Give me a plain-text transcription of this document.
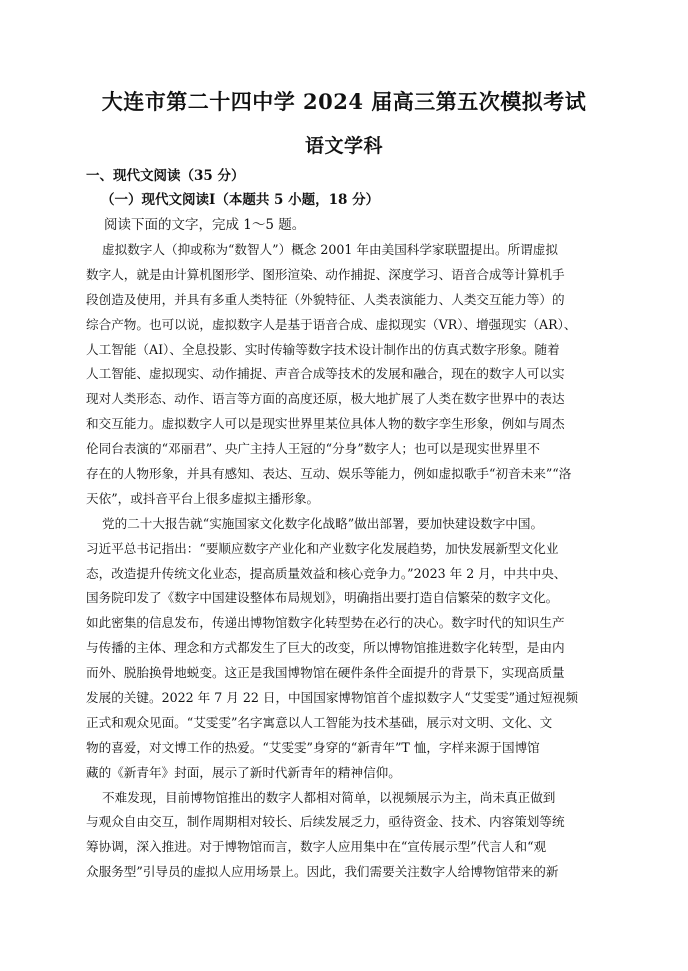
大连市第二十四中学 2024 届高三第五次模拟考试
语文学科
一、现代文阅读（35 分）
（一）现代文阅读Ⅰ（本题共 5 小题，18 分）
阅读下面的文字，完成 1～5 题。
虚拟数字人（抑或称为“数智人”）概念 2001 年由美国科学家联盟提出。所谓虚拟
数字人，就是由计算机图形学、图形渲染、动作捕捉、深度学习、语音合成等计算机手
段创造及使用，并具有多重人类特征（外貌特征、人类表演能力、人类交互能力等）的
综合产物。也可以说，虚拟数字人是基于语音合成、虚拟现实（VR）、增强现实（AR）、
人工智能（AI）、全息投影、实时传输等数字技术设计制作出的仿真式数字形象。随着
人工智能、虚拟现实、动作捕捉、声音合成等技术的发展和融合，现在的数字人可以实
现对人类形态、动作、语言等方面的高度还原，极大地扩展了人类在数字世界中的表达
和交互能力。虚拟数字人可以是现实世界里某位具体人物的数字孪生形象，例如与周杰
伦同台表演的“邓丽君”、央广主持人王冠的“分身”数字人；也可以是现实世界里不
存在的人物形象，并具有感知、表达、互动、娱乐等能力，例如虚拟歌手“初音未来”“洛
天依”，或抖音平台上很多虚拟主播形象。
党的二十大报告就“实施国家文化数字化战略”做出部署，要加快建设数字中国。
习近平总书记指出：“要顺应数字产业化和产业数字化发展趋势，加快发展新型文化业
态，改造提升传统文化业态，提高质量效益和核心竞争力。”2023 年 2 月，中共中央、
国务院印发了《数字中国建设整体布局规划》，明确指出要打造自信繁荣的数字文化。
如此密集的信息发布，传递出博物馆数字化转型势在必行的决心。数字时代的知识生产
与传播的主体、理念和方式都发生了巨大的改变，所以博物馆推进数字化转型，是由内
而外、脱胎换骨地蜕变。这正是我国博物馆在硬件条件全面提升的背景下，实现高质量
发展的关键。2022 年 7 月 22 日，中国国家博物馆首个虚拟数字人“艾雯雯”通过短视频
正式和观众见面。“艾雯雯”名字寓意以人工智能为技术基础，展示对文明、文化、文
物的喜爱，对文博工作的热爱。“艾雯雯”身穿的“新青年”T 恤，字样来源于国博馆
藏的《新青年》封面，展示了新时代新青年的精神信仰。
不难发现，目前博物馆推出的数字人都相对简单，以视频展示为主，尚未真正做到
与观众自由交互，制作周期相对较长、后续发展乏力，亟待资金、技术、内容策划等统
筹协调，深入推进。对于博物馆而言，数字人应用集中在“宣传展示型”代言人和“观
众服务型”引导员的虚拟人应用场景上。因此，我们需要关注数字人给博物馆带来的新
